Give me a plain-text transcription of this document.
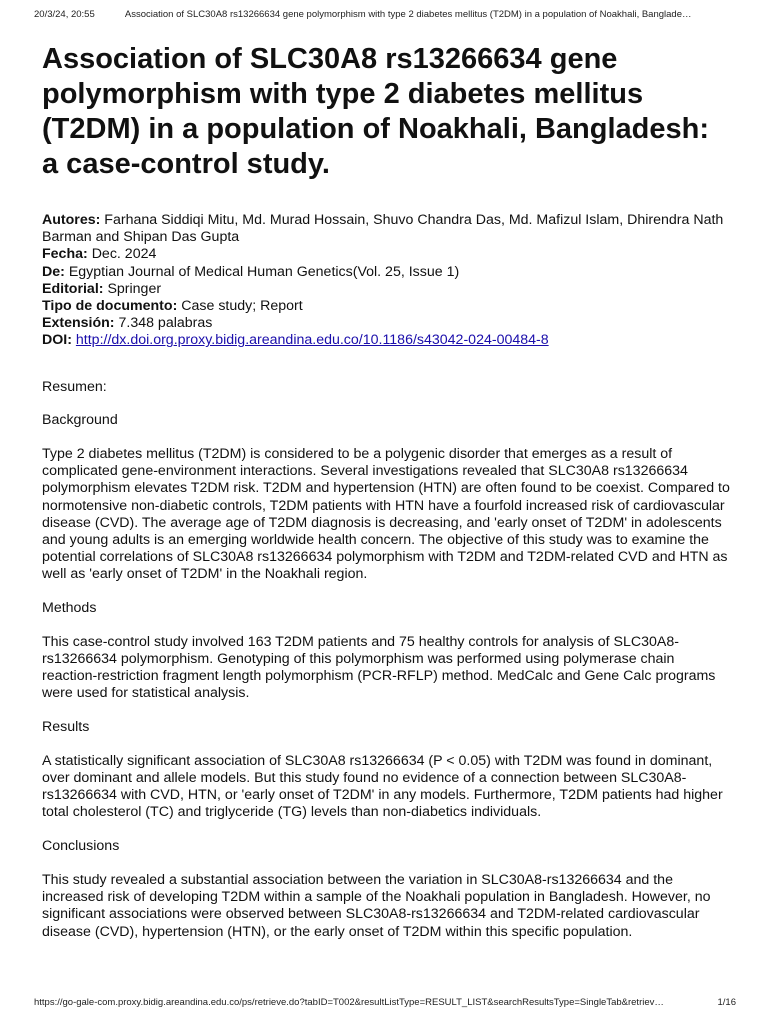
20/3/24, 20:55	Association of SLC30A8 rs13266634 gene polymorphism with type 2 diabetes mellitus (T2DM) in a population of Noakhali, Banglade…
Association of SLC30A8 rs13266634 gene polymorphism with type 2 diabetes mellitus (T2DM) in a population of Noakhali, Bangladesh: a case-control study.

Autores: Farhana Siddiqi Mitu, Md. Murad Hossain, Shuvo Chandra Das, Md. Mafizul Islam, Dhirendra Nath Barman and Shipan Das Gupta

Fecha: Dec. 2024

De: Egyptian Journal of Medical Human Genetics(Vol. 25, Issue 1)

Editorial: Springer

Tipo de documento: Case study; Report

Extensión: 7.348 palabras

DOI: http://dx.doi.org.proxy.bidig.areandina.edu.co/10.1186/s43042-024-00484-8

Resumen:

Background

Type 2 diabetes mellitus (T2DM) is considered to be a polygenic disorder that emerges as a result of complicated gene-environment interactions. Several investigations revealed that SLC30A8 rs13266634 polymorphism elevates T2DM risk. T2DM and hypertension (HTN) are often found to be coexist. Compared to normotensive non-diabetic controls, T2DM patients with HTN have a fourfold increased risk of cardiovascular disease (CVD). The average age of T2DM diagnosis is decreasing, and 'early onset of T2DM' in adolescents and young adults is an emerging worldwide health concern. The objective of this study was to examine the potential correlations of SLC30A8 rs13266634 polymorphism with T2DM and T2DM-related CVD and HTN as well as 'early onset of T2DM' in the Noakhali region.

Methods

This case-control study involved 163 T2DM patients and 75 healthy controls for analysis of SLC30A8-rs13266634 polymorphism. Genotyping of this polymorphism was performed using polymerase chain reaction-restriction fragment length polymorphism (PCR-RFLP) method. MedCalc and Gene Calc programs were used for statistical analysis.

Results

A statistically significant association of SLC30A8 rs13266634 (P < 0.05) with T2DM was found in dominant, over dominant and allele models. But this study found no evidence of a connection between SLC30A8-rs13266634 with CVD, HTN, or 'early onset of T2DM' in any models. Furthermore, T2DM patients had higher total cholesterol (TC) and triglyceride (TG) levels than non-diabetics individuals.

Conclusions

This study revealed a substantial association between the variation in SLC30A8-rs13266634 and the increased risk of developing T2DM within a sample of the Noakhali population in Bangladesh. However, no significant associations were observed between SLC30A8-rs13266634 and T2DM-related cardiovascular disease (CVD), hypertension (HTN), or the early onset of T2DM within this specific population.

https://go-gale-com.proxy.bidig.areandina.edu.co/ps/retrieve.do?tabID=T002&resultListType=RESULT_LIST&searchResultsType=SingleTab&retriev…	1/16
